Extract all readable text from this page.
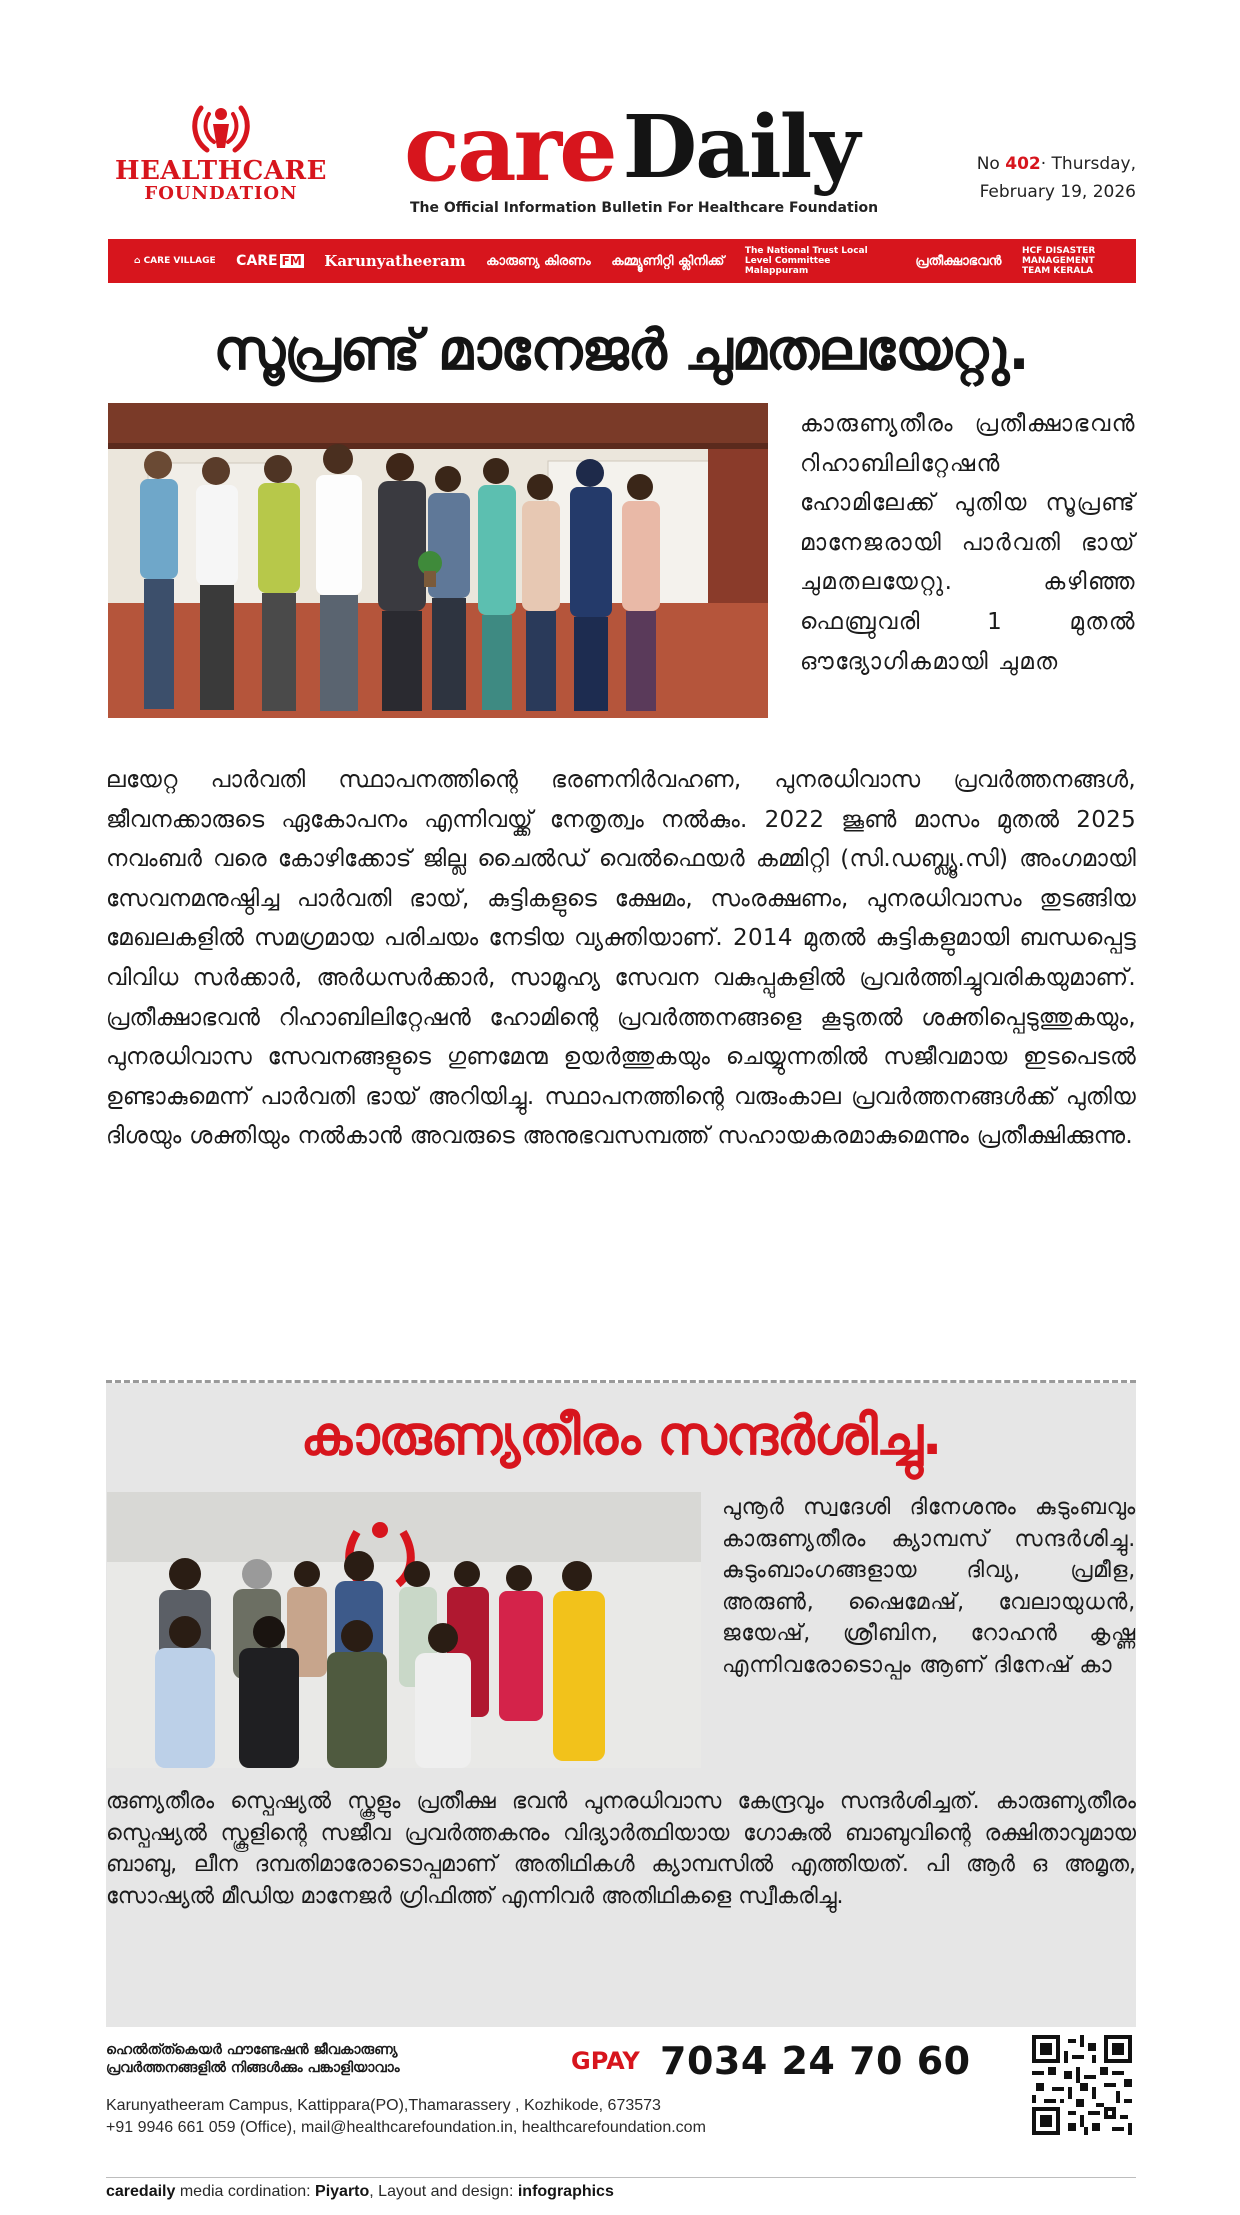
HEALTHCARE
FOUNDATION	careDaily
The Official Information Bulletin For Healthcare Foundation
No 402· Thursday,
February 19, 2026
⌂ CARE VILLAGE CARE FM Karunyatheeram കാരുണ്യ കിരണം കമ്മ്യൂണിറ്റി ക്ലിനിക്ക്
The National Trust Local Level Committee Malappuram
പ്രതീക്ഷാഭവൻ
HCF DISASTER MANAGEMENT TEAM KERALA
സൂപ്രണ്ട് മാനേജർ ചുമതലയേറ്റു.

കാരുണ്യതീരം പ്രതീക്ഷാഭവൻ റിഹാബിലിറ്റേഷൻ ഹോമിലേക്ക് പുതിയ സൂപ്രണ്ട് മാനേജരായി പാർവതി ഭായ് ചുമതലയേറ്റു. കഴിഞ്ഞ ഫെബ്രുവരി 1 മുതൽ ഔദ്യോഗികമായി ചുമത

ലയേറ്റ പാർവതി സ്ഥാപനത്തിന്റെ ഭരണനിർവഹണ, പുനരധിവാസ പ്രവർത്തനങ്ങൾ, ജീവനക്കാരുടെ ഏകോപനം എന്നിവയ്ക്ക് നേതൃത്വം നൽകും. 2022 ജൂൺ മാസം മുതൽ 2025 നവംബർ വരെ കോഴിക്കോട് ജില്ല ചൈൽഡ് വെൽഫെയർ കമ്മിറ്റി (സി.ഡബ്ല്യൂ.സി) അംഗമായി സേവനമനുഷ്ഠിച്ച പാർവതി ഭായ്, കുട്ടികളുടെ ക്ഷേമം, സംരക്ഷണം, പുനരധിവാസം തുടങ്ങിയ മേഖലകളിൽ സമഗ്രമായ പരിചയം നേടിയ വ്യക്തിയാണ്. 2014 മുതൽ കുട്ടികളുമായി ബന്ധപ്പെട്ട വിവിധ സർക്കാർ, അർധസർക്കാർ, സാമൂഹ്യ സേവന വകുപ്പുകളിൽ പ്രവർത്തിച്ചുവരികയുമാണ്. പ്രതീക്ഷാഭവൻ റിഹാബിലിറ്റേഷൻ ഹോമിന്റെ പ്രവർത്തനങ്ങളെ കൂടുതൽ ശക്തിപ്പെടുത്തുകയും, പുനരധിവാസ സേവനങ്ങളുടെ ഗുണമേന്മ ഉയർത്തുകയും ചെയ്യുന്നതിൽ സജീവമായ ഇടപെടൽ ഉണ്ടാകുമെന്ന് പാർവതി ഭായ് അറിയിച്ചു. സ്ഥാപനത്തിന്റെ വരുംകാല പ്രവർത്തനങ്ങൾക്ക് പുതിയ ദിശയും ശക്തിയും നൽകാൻ അവരുടെ അനുഭവസമ്പത്ത് സഹായകരമാകുമെന്നും പ്രതീക്ഷിക്കുന്നു.

കാരുണ്യതീരം സന്ദർശിച്ചു.

പുനൂർ സ്വദേശി ദിനേശനും കുടുംബവും കാരുണ്യതീരം ക്യാമ്പസ് സന്ദർശിച്ചു. കുടുംബാംഗങ്ങളായ ദിവ്യ, പ്രമീള, അരുൺ, ഷൈമേഷ്, വേലായുധൻ, ജയേഷ്, ശ്രീബിന, റോഹൻ കൃഷ്ണ എന്നിവരോടൊപ്പം ആണ് ദിനേഷ് കാ

രുണ്യതീരം സ്പെഷ്യൽ സ്കൂളും പ്രതീക്ഷ ഭവൻ പുനരധിവാസ കേന്ദ്രവും സന്ദർശിച്ചത്. കാരുണ്യതീരം സ്പെഷ്യൽ സ്കൂളിന്റെ സജീവ പ്രവർത്തകനും വിദ്യാർത്ഥിയായ ഗോകുൽ ബാബുവിന്റെ രക്ഷിതാവുമായ ബാബു, ലീന ദമ്പതിമാരോടൊപ്പമാണ് അതിഥികൾ ക്യാമ്പസിൽ എത്തിയത്. പി ആർ ഒ അമൃത, സോഷ്യൽ മീഡിയ മാനേജർ ഗ്രിഫിത്ത് എന്നിവർ അതിഥികളെ സ്വീകരിച്ചു.

ഹെൽത്ത്കെയർ ഫൗണ്ടേഷൻ ജീവകാരുണ്യ
പ്രവർത്തനങ്ങളിൽ നിങ്ങൾക്കും പങ്കാളിയാവാം	GPAY 7034 24 70 60
Karunyatheeram Campus, Kattippara(PO),Thamarassery , Kozhikode, 673573
+91 9946 661 059 (Office), mail@healthcarefoundation.in, healthcarefoundation.com
caredaily media cordination: Piyarto, Layout and design: infographics
